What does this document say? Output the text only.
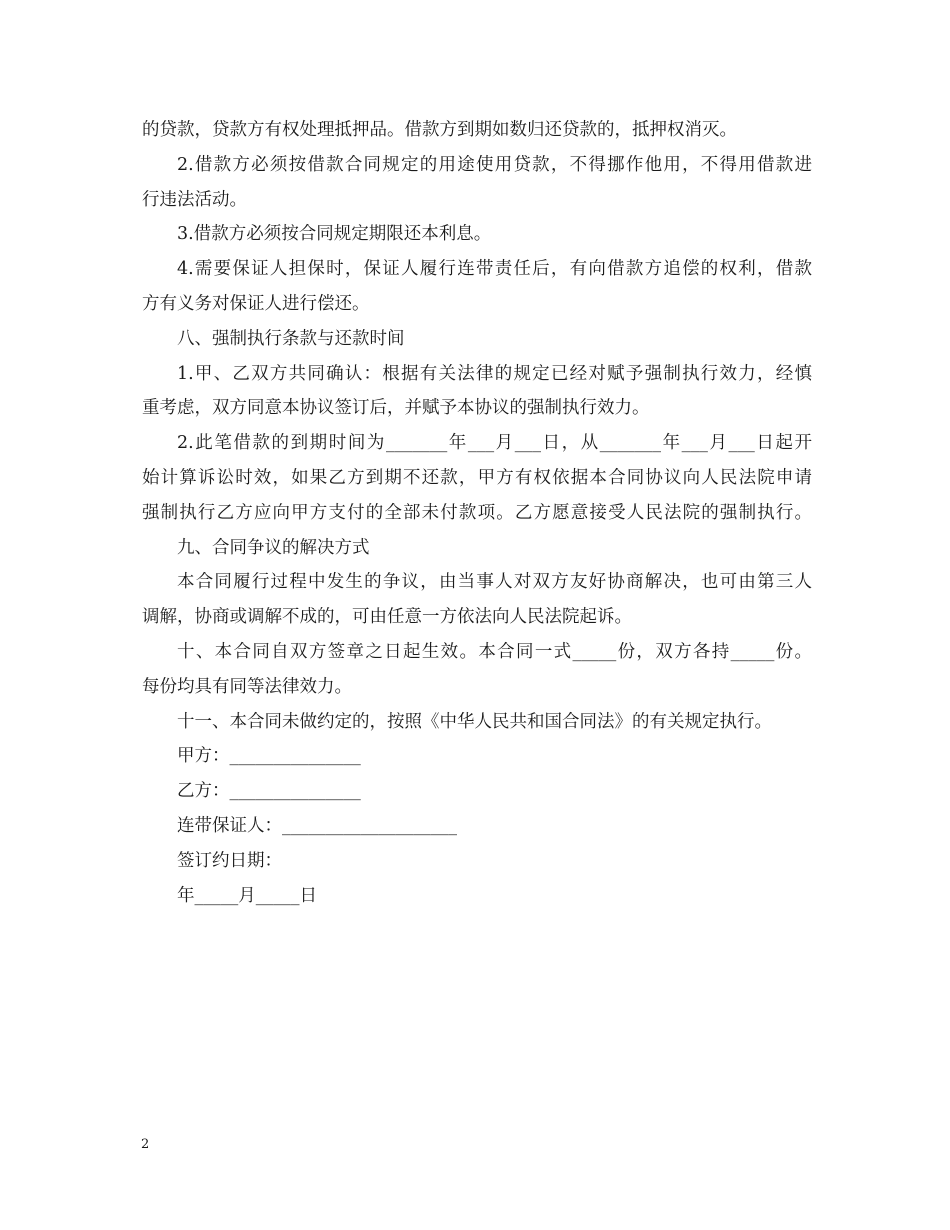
的贷款，贷款方有权处理抵押品。借款方到期如数归还贷款的，抵押权消灭。
2.借款方必须按借款合同规定的用途使用贷款，不得挪作他用，不得用借款进
行违法活动。
3.借款方必须按合同规定期限还本利息。
4.需要保证人担保时，保证人履行连带责任后，有向借款方追偿的权利，借款
方有义务对保证人进行偿还。
八、强制执行条款与还款时间
1.甲、乙双方共同确认：根据有关法律的规定已经对赋予强制执行效力，经慎
重考虑，双方同意本协议签订后，并赋予本协议的强制执行效力。
2.此笔借款的到期时间为_______年___月___日，从_______年___月___日起开
始计算诉讼时效，如果乙方到期不还款，甲方有权依据本合同协议向人民法院申请
强制执行乙方应向甲方支付的全部未付款项。乙方愿意接受人民法院的强制执行。
九、合同争议的解决方式
本合同履行过程中发生的争议，由当事人对双方友好协商解决，也可由第三人
调解，协商或调解不成的，可由任意一方依法向人民法院起诉。
十、本合同自双方签章之日起生效。本合同一式_____份，双方各持_____份。
每份均具有同等法律效力。
十一、本合同未做约定的，按照《中华人民共和国合同法》的有关规定执行。
甲方：_______________
乙方：_______________
连带保证人：____________________
签订约日期：
年_____月_____日
2
